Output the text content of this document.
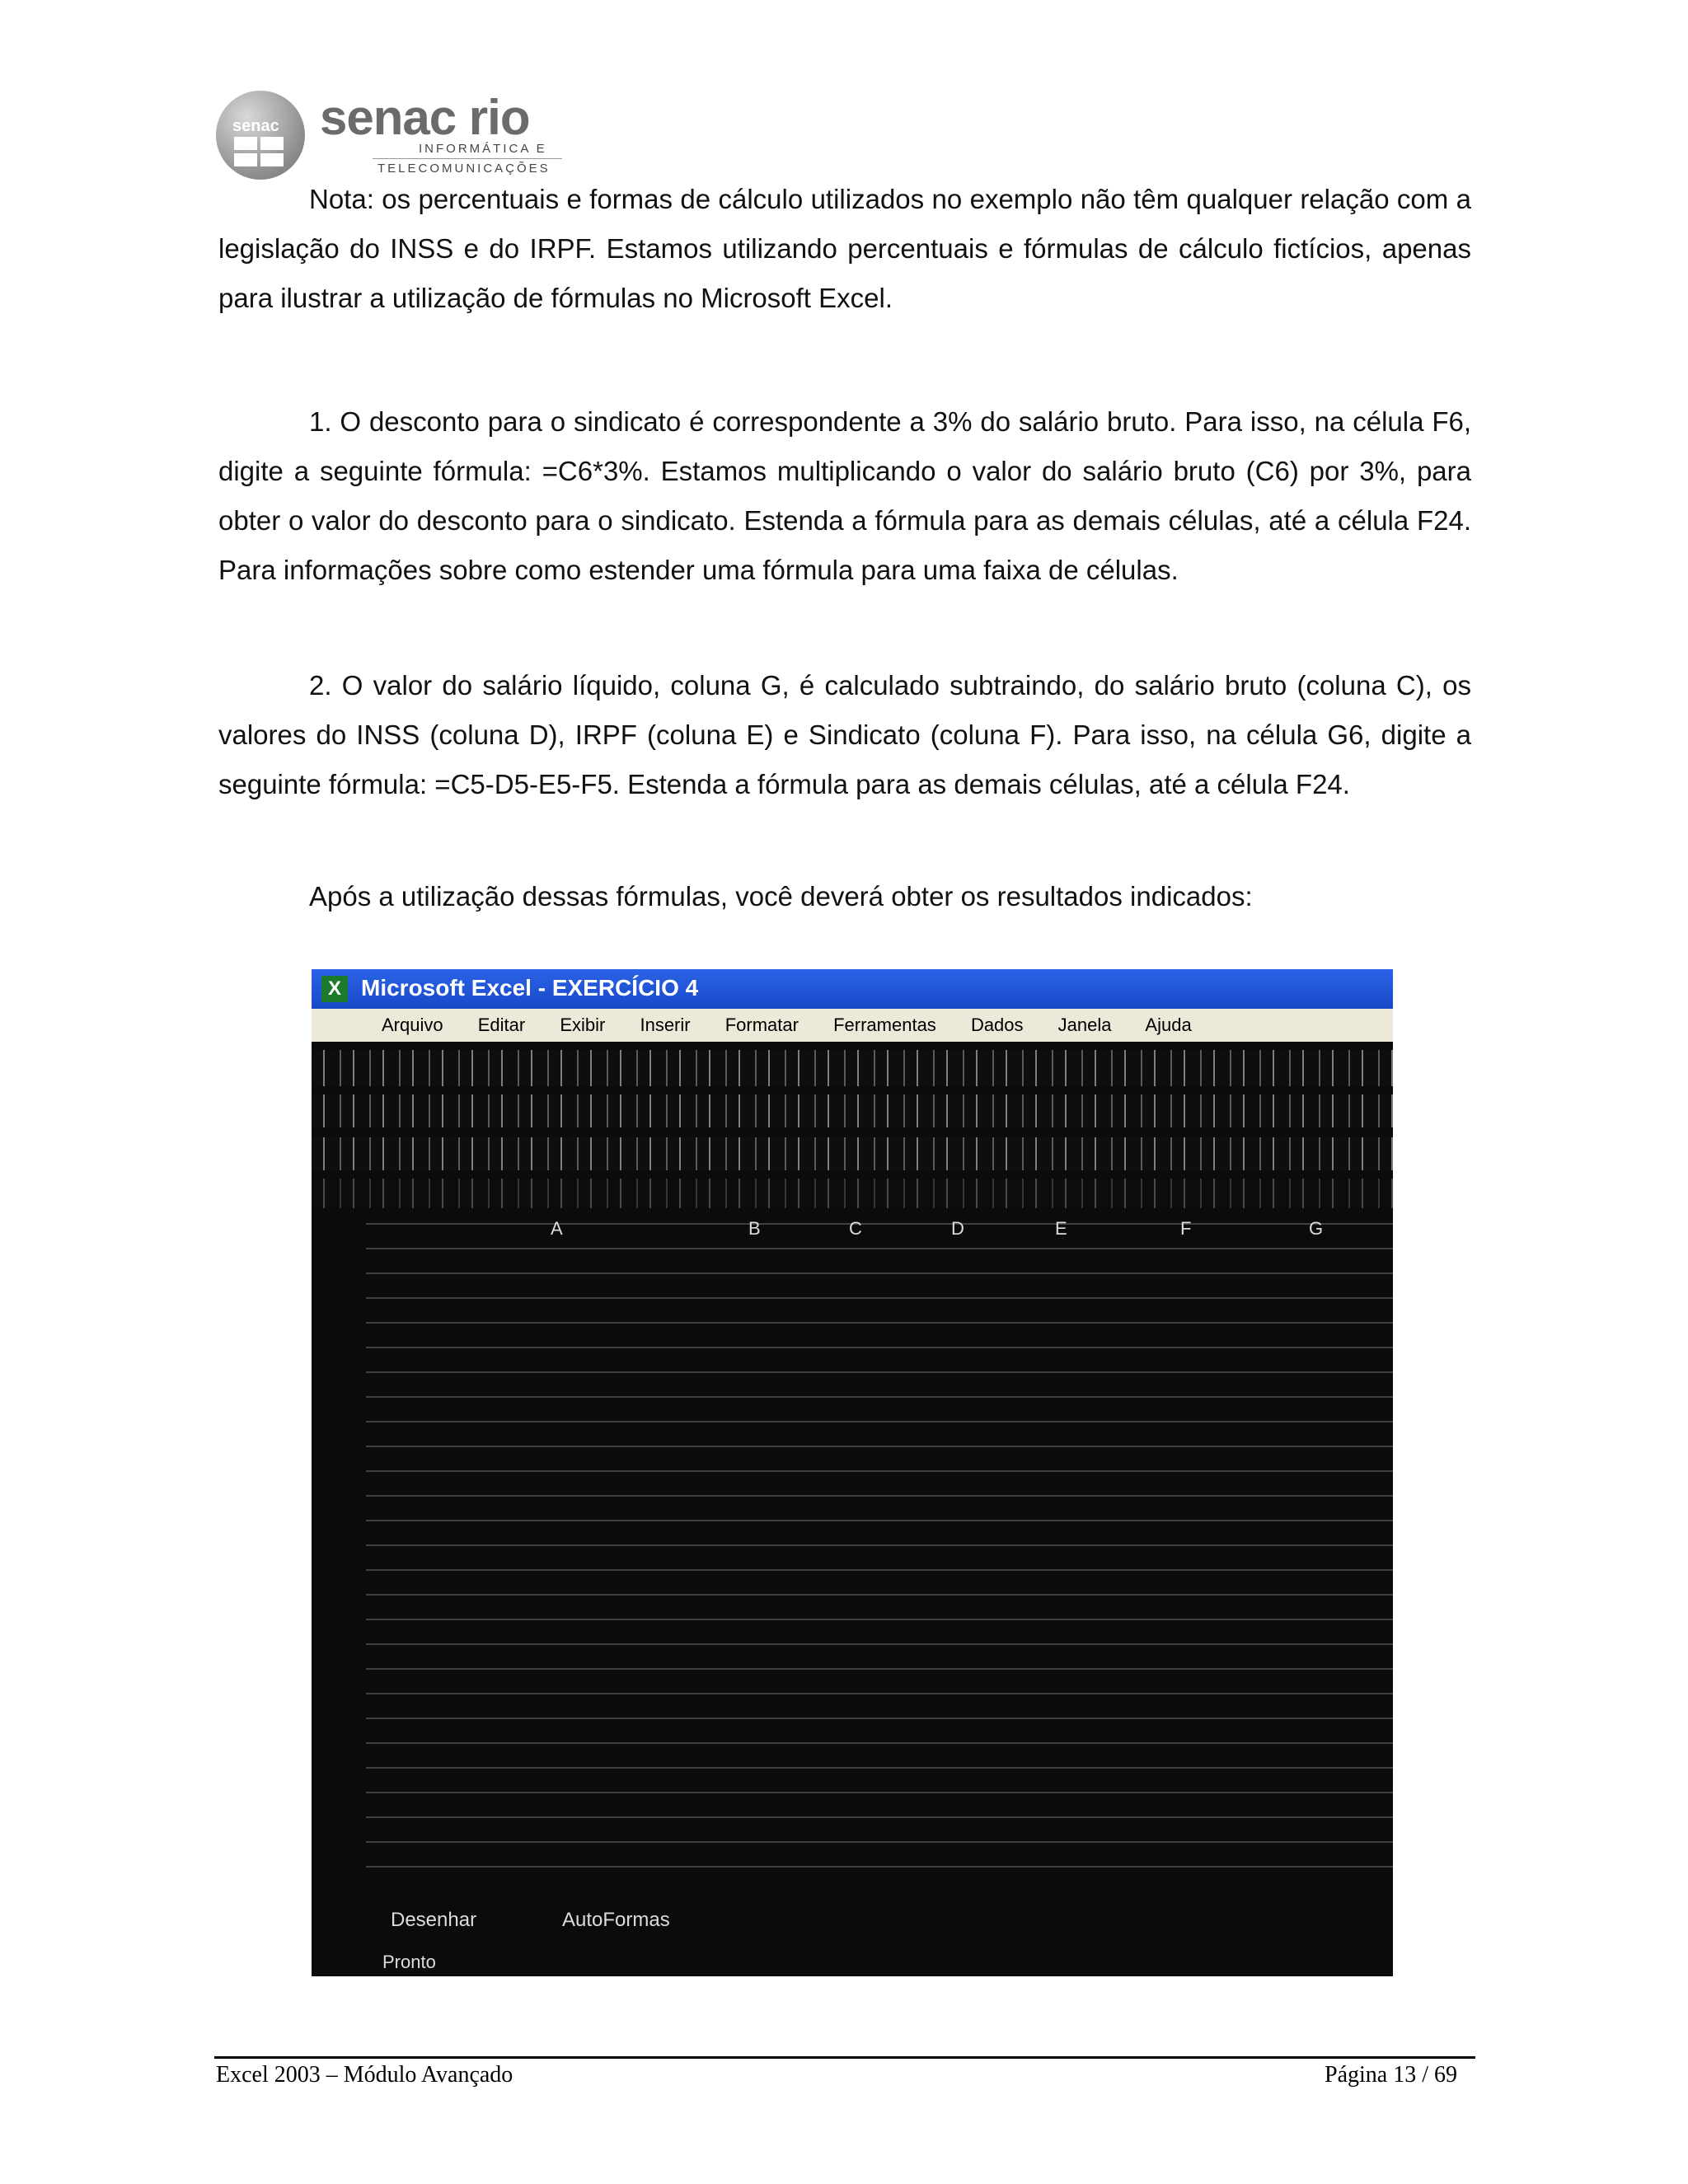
senac senac rio
INFORMÁTICA E
TELECOMUNICAÇÕES

Nota: os percentuais e formas de cálculo utilizados no exemplo não têm qualquer relação com a legislação do INSS e do IRPF. Estamos utilizando percentuais e fórmulas de cálculo fictícios, apenas para ilustrar a utilização de fórmulas no Microsoft Excel.

1. O desconto para o sindicato é correspondente a 3% do salário bruto. Para isso, na célula F6, digite a seguinte fórmula: =C6*3%. Estamos multiplicando o valor do salário bruto (C6) por 3%, para obter o valor do desconto para o sindicato. Estenda a fórmula para as demais células, até a célula F24. Para informações sobre como estender uma fórmula para uma faixa de células.

2. O valor do salário líquido, coluna G, é calculado subtraindo, do salário bruto (coluna C), os valores do INSS (coluna D), IRPF (coluna E) e Sindicato (coluna F). Para isso, na célula G6, digite a seguinte fórmula: =C5-D5-E5-F5. Estenda a fórmula para as demais células, até a célula F24.

Após a utilização dessas fórmulas, você deverá obter os resultados indicados:

X Microsoft Excel - EXERCÍCIO 4
Arquivo Editar Exibir Inserir Formatar Ferramentas Dados Janela Ajuda
A	B	C	D	E	F	G
Desenhar	AutoFormas
Pronto
Excel 2003 – Módulo Avançado	Página 13 / 69
